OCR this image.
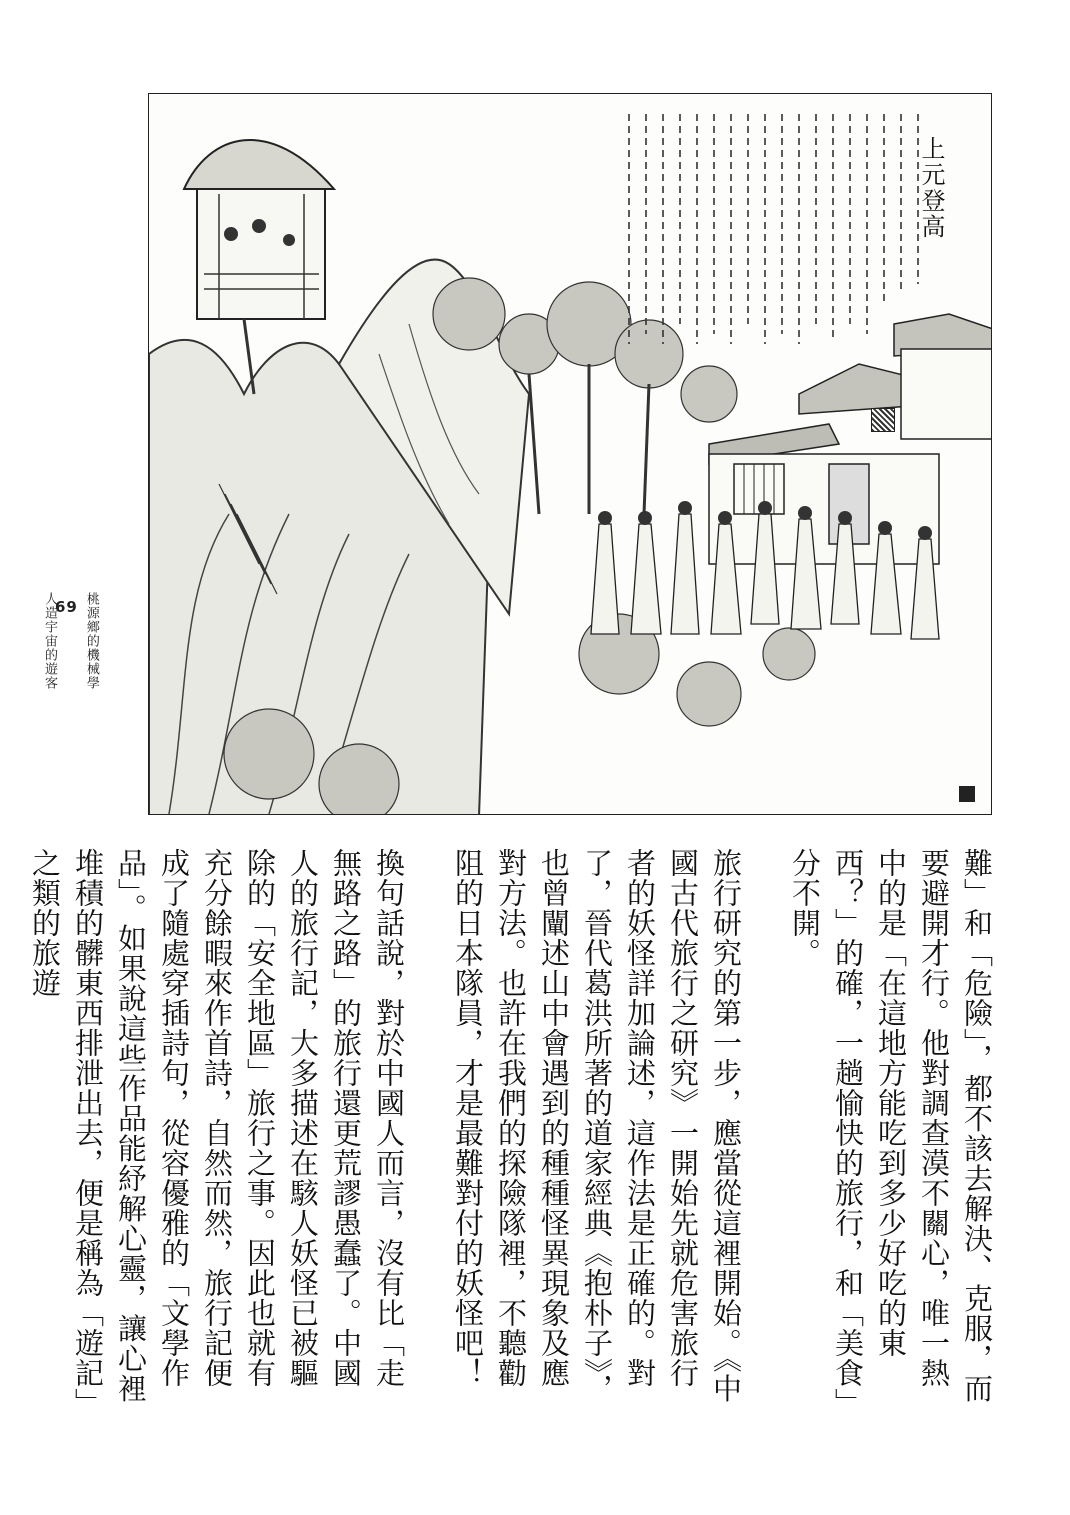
上元登高
桃源鄉的機械學
69
人造宇宙的遊客

難」和「危險」，都不該去解決、克服，而要避開才行。他對調查漠不關心，唯一熱中的是「在這地方能吃到多少好吃的東西？」的確，一趟愉快的旅行，和「美食」分不開。

旅行研究的第一步，應當從這裡開始。《中國古代旅行之研究》一開始先就危害旅行者的妖怪詳加論述，這作法是正確的。對了，晉代葛洪所著的道家經典《抱朴子》，也曾闡述山中會遇到的種種怪異現象及應對方法。也許在我們的探險隊裡，不聽勸阻的日本隊員，才是最難對付的妖怪吧！

換句話說，對於中國人而言，沒有比「走無路之路」的旅行還更荒謬愚蠢了。中國人的旅行記，大多描述在駭人妖怪已被驅除的「安全地區」旅行之事。因此也就有充分餘暇來作首詩，自然而然，旅行記便成了隨處穿插詩句，從容優雅的「文學作品」。如果說這些作品能紓解心靈，讓心裡堆積的髒東西排泄出去，便是稱為「遊記」之類的旅遊
